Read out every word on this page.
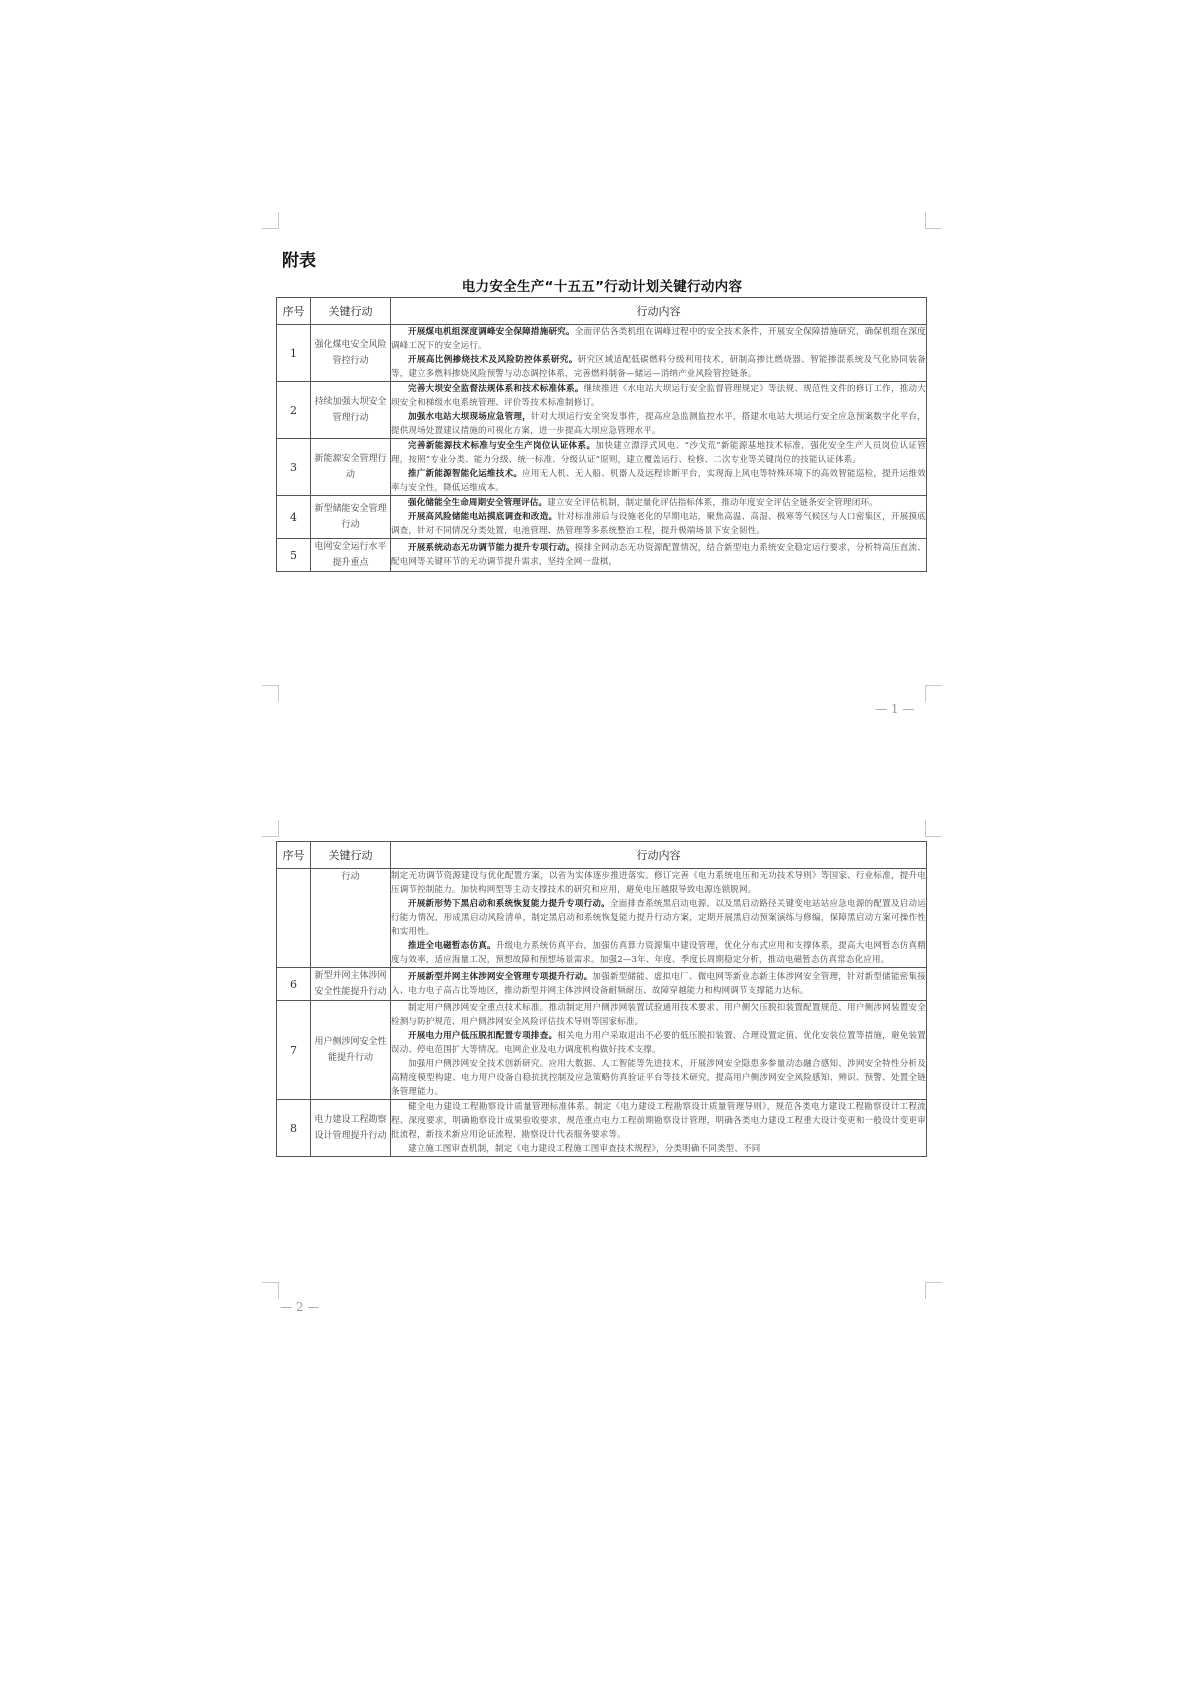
附表
电力安全生产“十五五”行动计划关键行动内容
序号	关键行动	行动内容
1	强化煤电安全风险管控行动	开展煤电机组深度调峰安全保障措施研究。全面评估各类机组在调峰过程中的安全技术条件，开展安全保障措施研究，确保机组在深度调峰工况下的安全运行。

开展高比例掺烧技术及风险防控体系研究。研究区域适配低碳燃料分级利用技术，研制高掺比燃烧器、智能掺混系统及气化协同装备等，建立多燃料掺烧风险预警与动态调控体系，完善燃料制备—储运—消纳产业风险管控链条。

2	持续加强大坝安全管理行动	完善大坝安全监督法规体系和技术标准体系。继续推进《水电站大坝运行安全监督管理规定》等法规、规范性文件的修订工作，推动大坝安全和梯级水电系统管理、评价等技术标准制修订。

加强水电站大坝现场应急管理，针对大坝运行安全突发事件，提高应急监测监控水平，搭建水电站大坝运行安全应急预案数字化平台，提供现场处置建议措施的可视化方案，进一步提高大坝应急管理水平。

3	新能源安全管理行动	完善新能源技术标准与安全生产岗位认证体系。加快建立漂浮式风电、“沙戈荒”新能源基地技术标准，强化安全生产人员岗位认证管理，按照“专业分类、能力分级、统一标准、分级认证”原则，建立覆盖运行、检修、二次专业等关键岗位的技能认证体系。

推广新能源智能化运维技术。应用无人机、无人船、机器人及远程诊断平台，实现海上风电等特殊环境下的高效智能巡检，提升运维效率与安全性，降低运维成本。

4	新型储能安全管理行动	强化储能全生命周期安全管理评估。建立安全评估机制，制定量化评估指标体系，推动年度安全评估全链条安全管理闭环。

开展高风险储能电站摸底调查和改造。针对标准滞后与设施老化的早期电站，聚焦高温、高湿、极寒等气候区与人口密集区，开展摸底调查，针对不同情况分类处置，电池管理、热管理等多系统整治工程，提升极端场景下安全韧性。

5	电网安全运行水平提升重点	开展系统动态无功调节能力提升专项行动。摸排全网动态无功资源配置情况，结合新型电力系统安全稳定运行要求，分析特高压直流、配电网等关键环节的无功调节提升需求，坚持全网一盘棋，

— 1 —
序号	关键行动	行动内容
	行动	制定无功调节资源建设与优化配置方案，以省为实体逐步推进落实。修订完善《电力系统电压和无功技术导则》等国家、行业标准，提升电压调节控制能力。加快构网型等主动支撑技术的研究和应用，避免电压越限导致电源连锁脱网。

开展新形势下黑启动和系统恢复能力提升专项行动。全面排查系统黑启动电源，以及黑启动路径关键变电站站应急电源的配置及启动运行能力情况，形成黑启动风险清单，制定黑启动和系统恢复能力提升行动方案，定期开展黑启动预案演练与修编，保障黑启动方案可操作性和实用性。

推进全电磁暂态仿真。升级电力系统仿真平台，加强仿真算力资源集中建设管理，优化分布式应用和支撑体系，提高大电网暂态仿真精度与效率，适应海量工况，预想故障和预想场景需求。加强2—3年、年度、季度长周期稳定分析，推动电磁暂态仿真常态化应用。

6	新型并网主体涉网安全性能提升行动	开展新型并网主体涉网安全管理专项提升行动。加强新型储能、虚拟电厂、微电网等新业态新主体涉网安全管理，针对新型储能密集接入、电力电子高占比等地区，推动新型并网主体涉网设备耐频耐压、故障穿越能力和构网调节支撑能力达标。

7	用户侧涉网安全性能提升行动	制定用户侧涉网安全重点技术标准。推动制定用户侧涉网装置试验通用技术要求、用户侧欠压脱扣装置配置规范、用户侧涉网装置安全检测与防护规范、用户侧涉网安全风险评估技术导则等国家标准。

开展电力用户低压脱扣配置专项排查。相关电力用户采取退出不必要的低压脱扣装置、合理设置定值、优化安装位置等措施，避免装置误动、停电范围扩大等情况。电网企业及电力调度机构做好技术支撑。

加强用户侧涉网安全技术创新研究。应用大数据、人工智能等先进技术，开展涉网安全隐患多参量动态融合感知、涉网安全特性分析及高精度模型构建、电力用户设备自稳抗扰控制及应急策略仿真验证平台等技术研究，提高用户侧涉网安全风险感知、辨识、预警、处置全链条管理能力。

8	电力建设工程勘察设计管理提升行动	健全电力建设工程勘察设计质量管理标准体系。制定《电力建设工程勘察设计质量管理导则》，规范各类电力建设工程勘察设计工程流程、深度要求，明确勘察设计成果验收要求，规范重点电力工程前期勘察设计管理，明确各类电力建设工程重大设计变更和一般设计变更审批流程，新技术新应用论证流程、勘察设计代表服务要求等。

建立施工图审查机制，制定《电力建设工程施工图审查技术规程》，分类明确不同类型、不同

— 2 —
